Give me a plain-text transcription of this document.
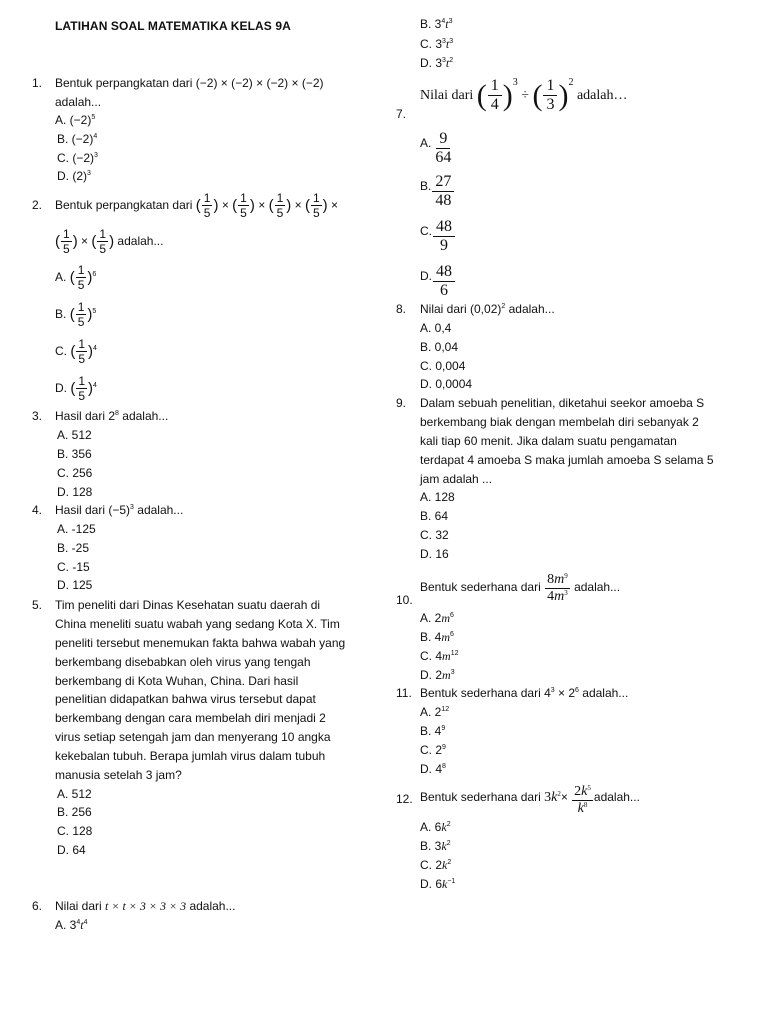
LATIHAN SOAL MATEMATIKA KELAS 9A
1. Bentuk perpangkatan dari (−2) × (−2) × (−2) × (−2)
adalah...
A. $(-2)^5$
B. $(-2)^4$
C. $(-2)^3$
D. $(2)^3$
2. Bentuk perpangkatan dari ( $\frac{1}{5}$ ) × ( $\frac{1}{5}$ ) × ( $\frac{1}{5}$ ) × ( $\frac{1}{5}$ ) ×
( $\frac{1}{5}$ ) × ( $\frac{1}{5}$ ) adalah...
A. ( $\frac{1}{5} )^6$
B. ( $\frac{1}{5} )^5$
C. ( $\frac{1}{5} )^4$
D. ( $\frac{1}{5} )^4$
3. Hasil dari $2^8$ adalah...
A. 512
B. 356
C. 256
D. 128
4. Hasil dari $(-5)^3$ adalah...
A. -125
B. -25
C. -15
D. 125
5. Tim peneliti dari Dinas Kesehatan suatu daerah di
China meneliti suatu wabah yang sedang Kota X. Tim
peneliti tersebut menemukan fakta bahwa wabah yang
berkembang disebabkan oleh virus yang tengah
berkembang di Kota Wuhan, China. Dari hasil
penelitian didapatkan bahwa virus tersebut dapat
berkembang dengan cara membelah diri menjadi 2
virus setiap setengah jam dan menyerang 10 angka
kekebalan tubuh. Berapa jumlah virus dalam tubuh
manusia setelah 3 jam?
A. 512
B. 256
C. 128
D. 64
6. Nilai dari t × t × 3 × 3 × 3 adalah...
A. $3^4t^4$
B. $3^4t^3$
C. $3^3t^3$
D. $3^3t^2$
7.
Nilai dari ( $\frac{1}{4} )^3$ ÷ ( $\frac{1}{3} )^2$ adalah…
A. $\frac{9}{64}$
B. $\frac{27}{48}$
C. $\frac{48}{9}$
D. $\frac{48}{6}$
8. Nilai dari $(0,02)^2$ adalah...
A. 0,4
B. 0,04
C. 0,004
D. 0,0004
9. Dalam sebuah penelitian, diketahui seekor amoeba S
berkembang biak dengan membelah diri sebanyak 2
kali tiap 60 menit. Jika dalam suatu pengamatan
terdapat 4 amoeba S maka jumlah amoeba S selama 5
jam adalah ...
A. 128
B. 64
C. 32
D. 16
10.
Bentuk sederhana dari $\frac{8m^9}{4m^3}$ adalah...
A. $2m^6$
B. $4m^6$
C. $4m^{12}$
D. $2m^3$
11. Bentuk sederhana dari $4^3 \times 2^6$ adalah...
A. $2^{12}$
B. $4^9$
C. $2^9$
D. $4^8$
12. Bentuk sederhana dari $3k^2\times \frac{2k^5}{k^8}$ adalah...
A. $6k^2$
B. $3k^2$
C. $2k^2$
D. $6k^{-1}$
